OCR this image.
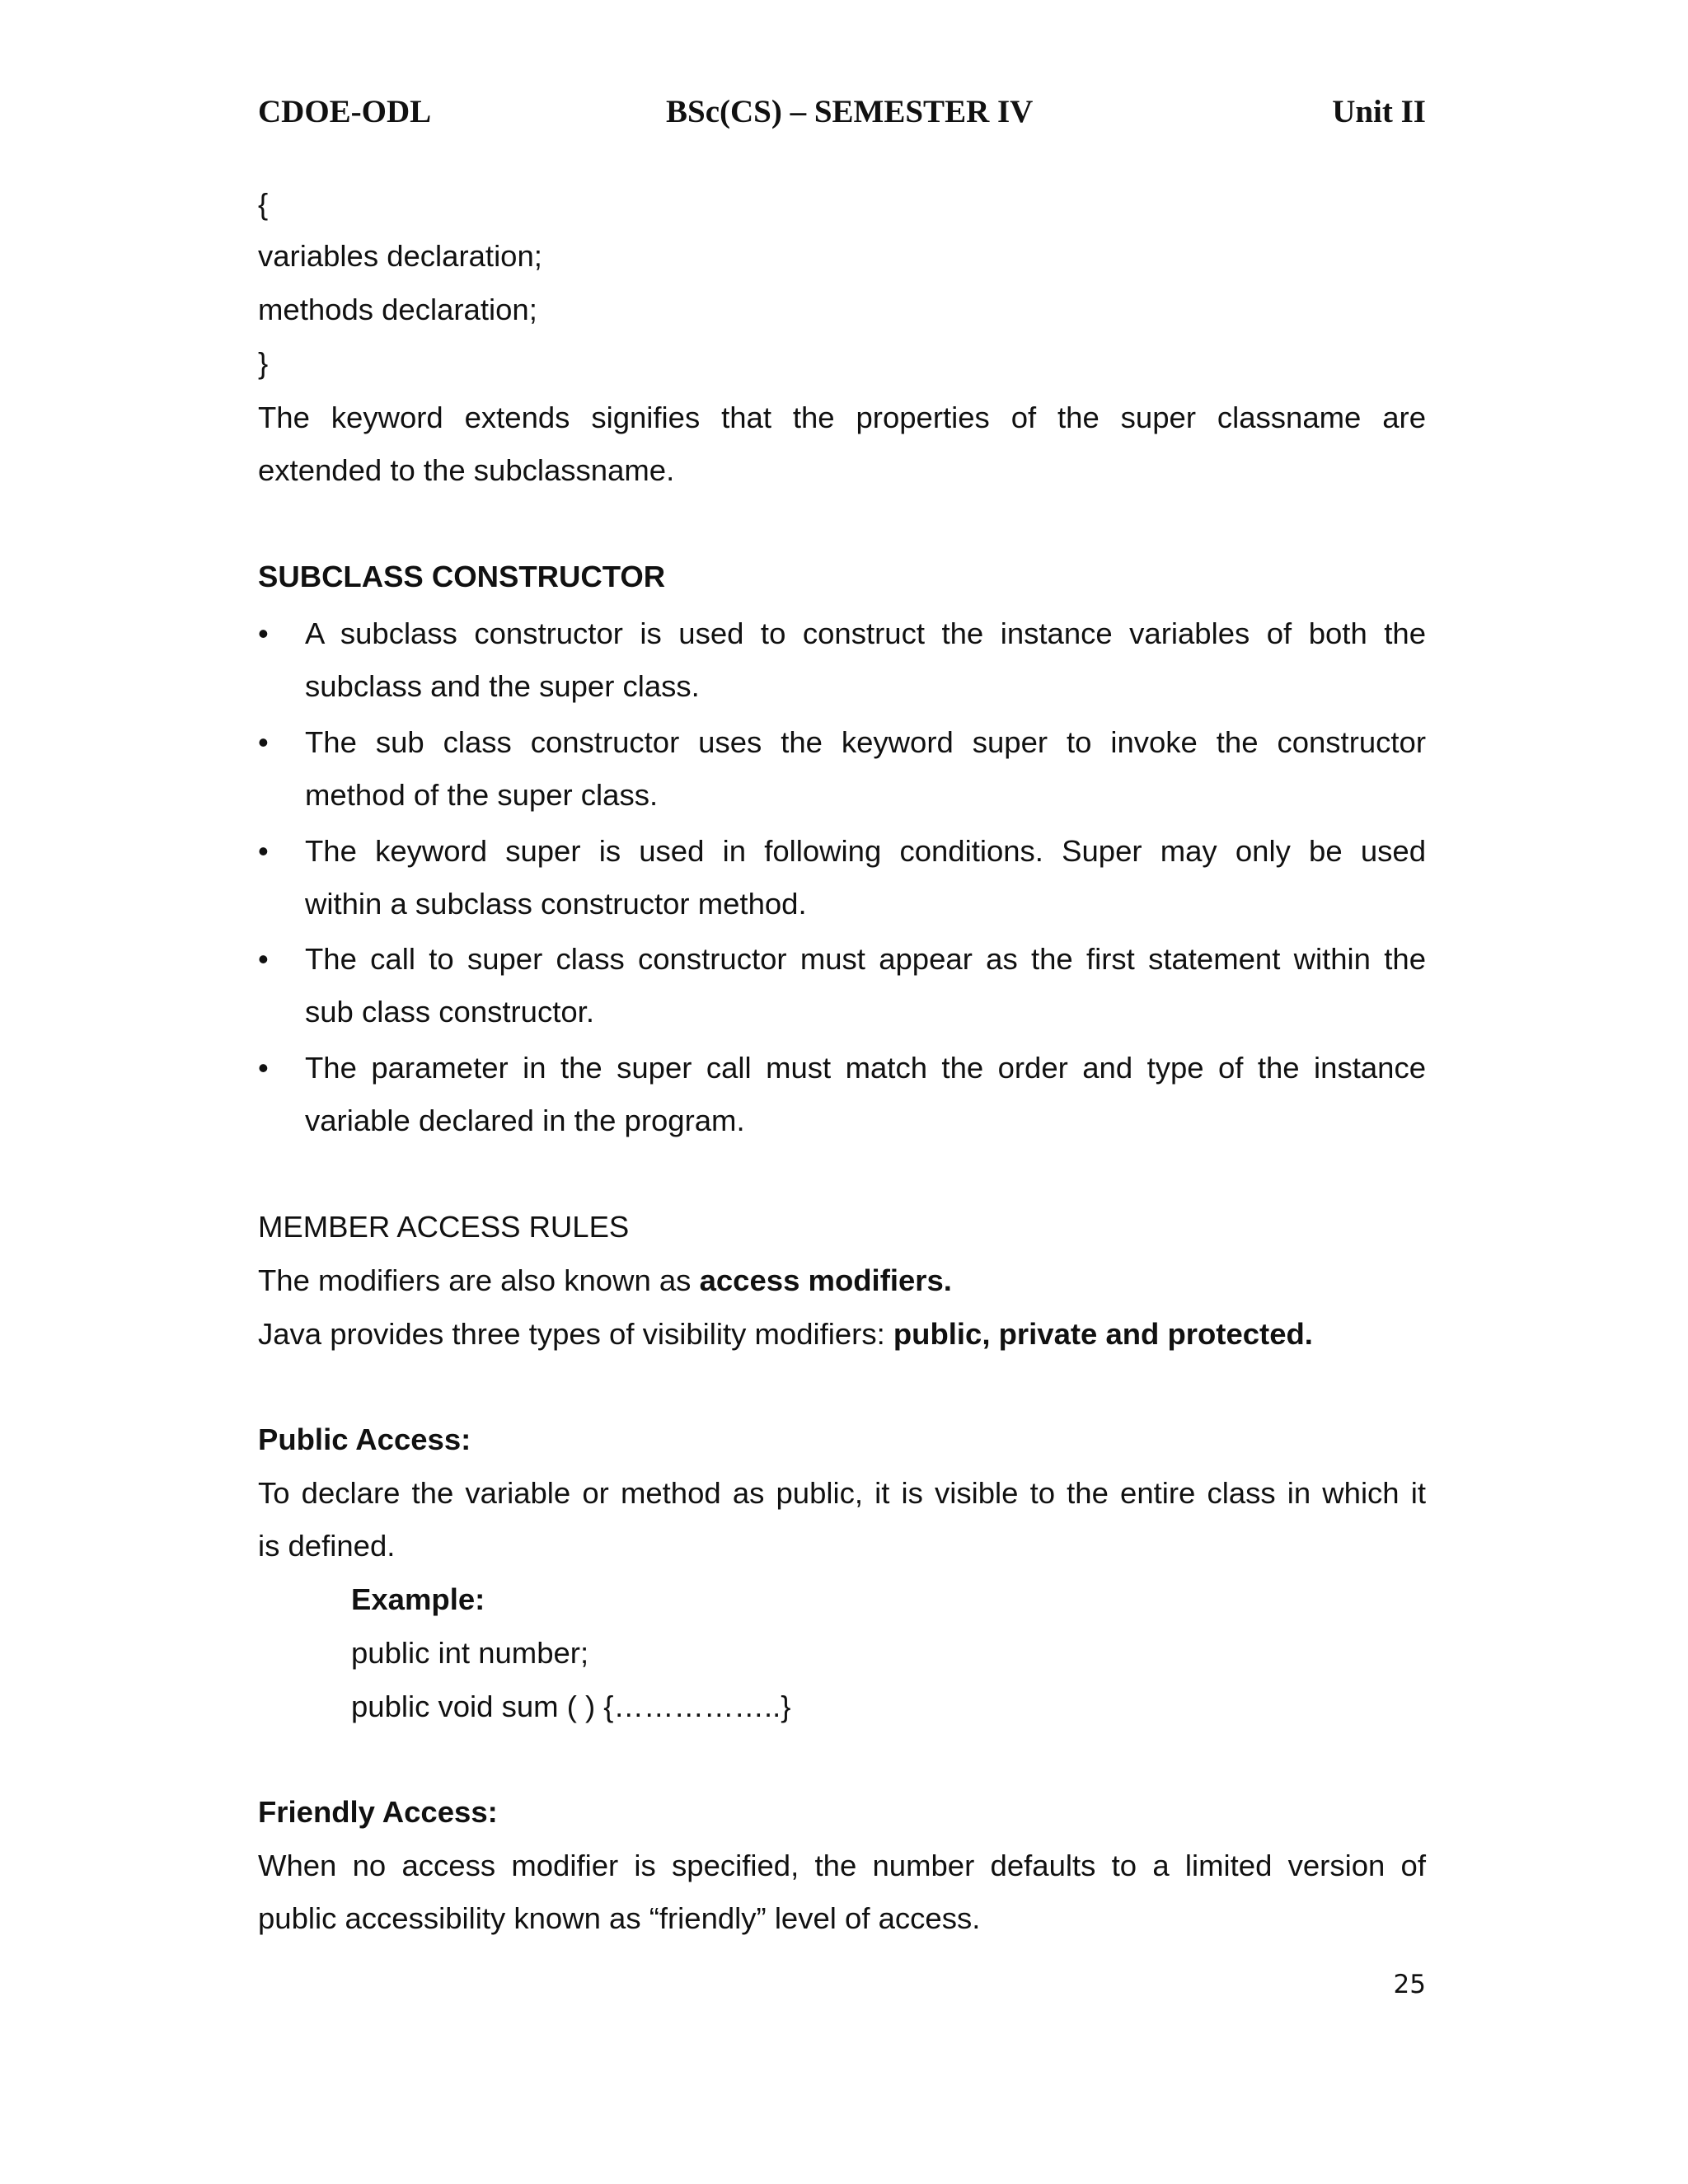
CDOE-ODL	BSc(CS) – SEMESTER IV	Unit II
{
variables declaration;
methods declaration;
}
The keyword extends signifies that the properties of the super classname are
extended to the subclassname.
SUBCLASS CONSTRUCTOR
• A subclass constructor is used to construct the instance variables of both the
subclass and the super class.
• The sub class constructor uses the keyword super to invoke the constructor
method of the super class.
• The keyword super is used in following conditions. Super may only be used
within a subclass constructor method.
• The call to super class constructor must appear as the first statement within the
sub class constructor.
• The parameter in the super call must match the order and type of the instance
variable declared in the program.
MEMBER ACCESS RULES
The modifiers are also known as access modifiers.
Java provides three types of visibility modifiers: public, private and protected.
Public Access:
To declare the variable or method as public, it is visible to the entire class in which it
is defined.
Example:
public int number;
public void sum ( ) {……………..}
Friendly Access:
When no access modifier is specified, the number defaults to a limited version of
public accessibility known as “friendly” level of access.
25
